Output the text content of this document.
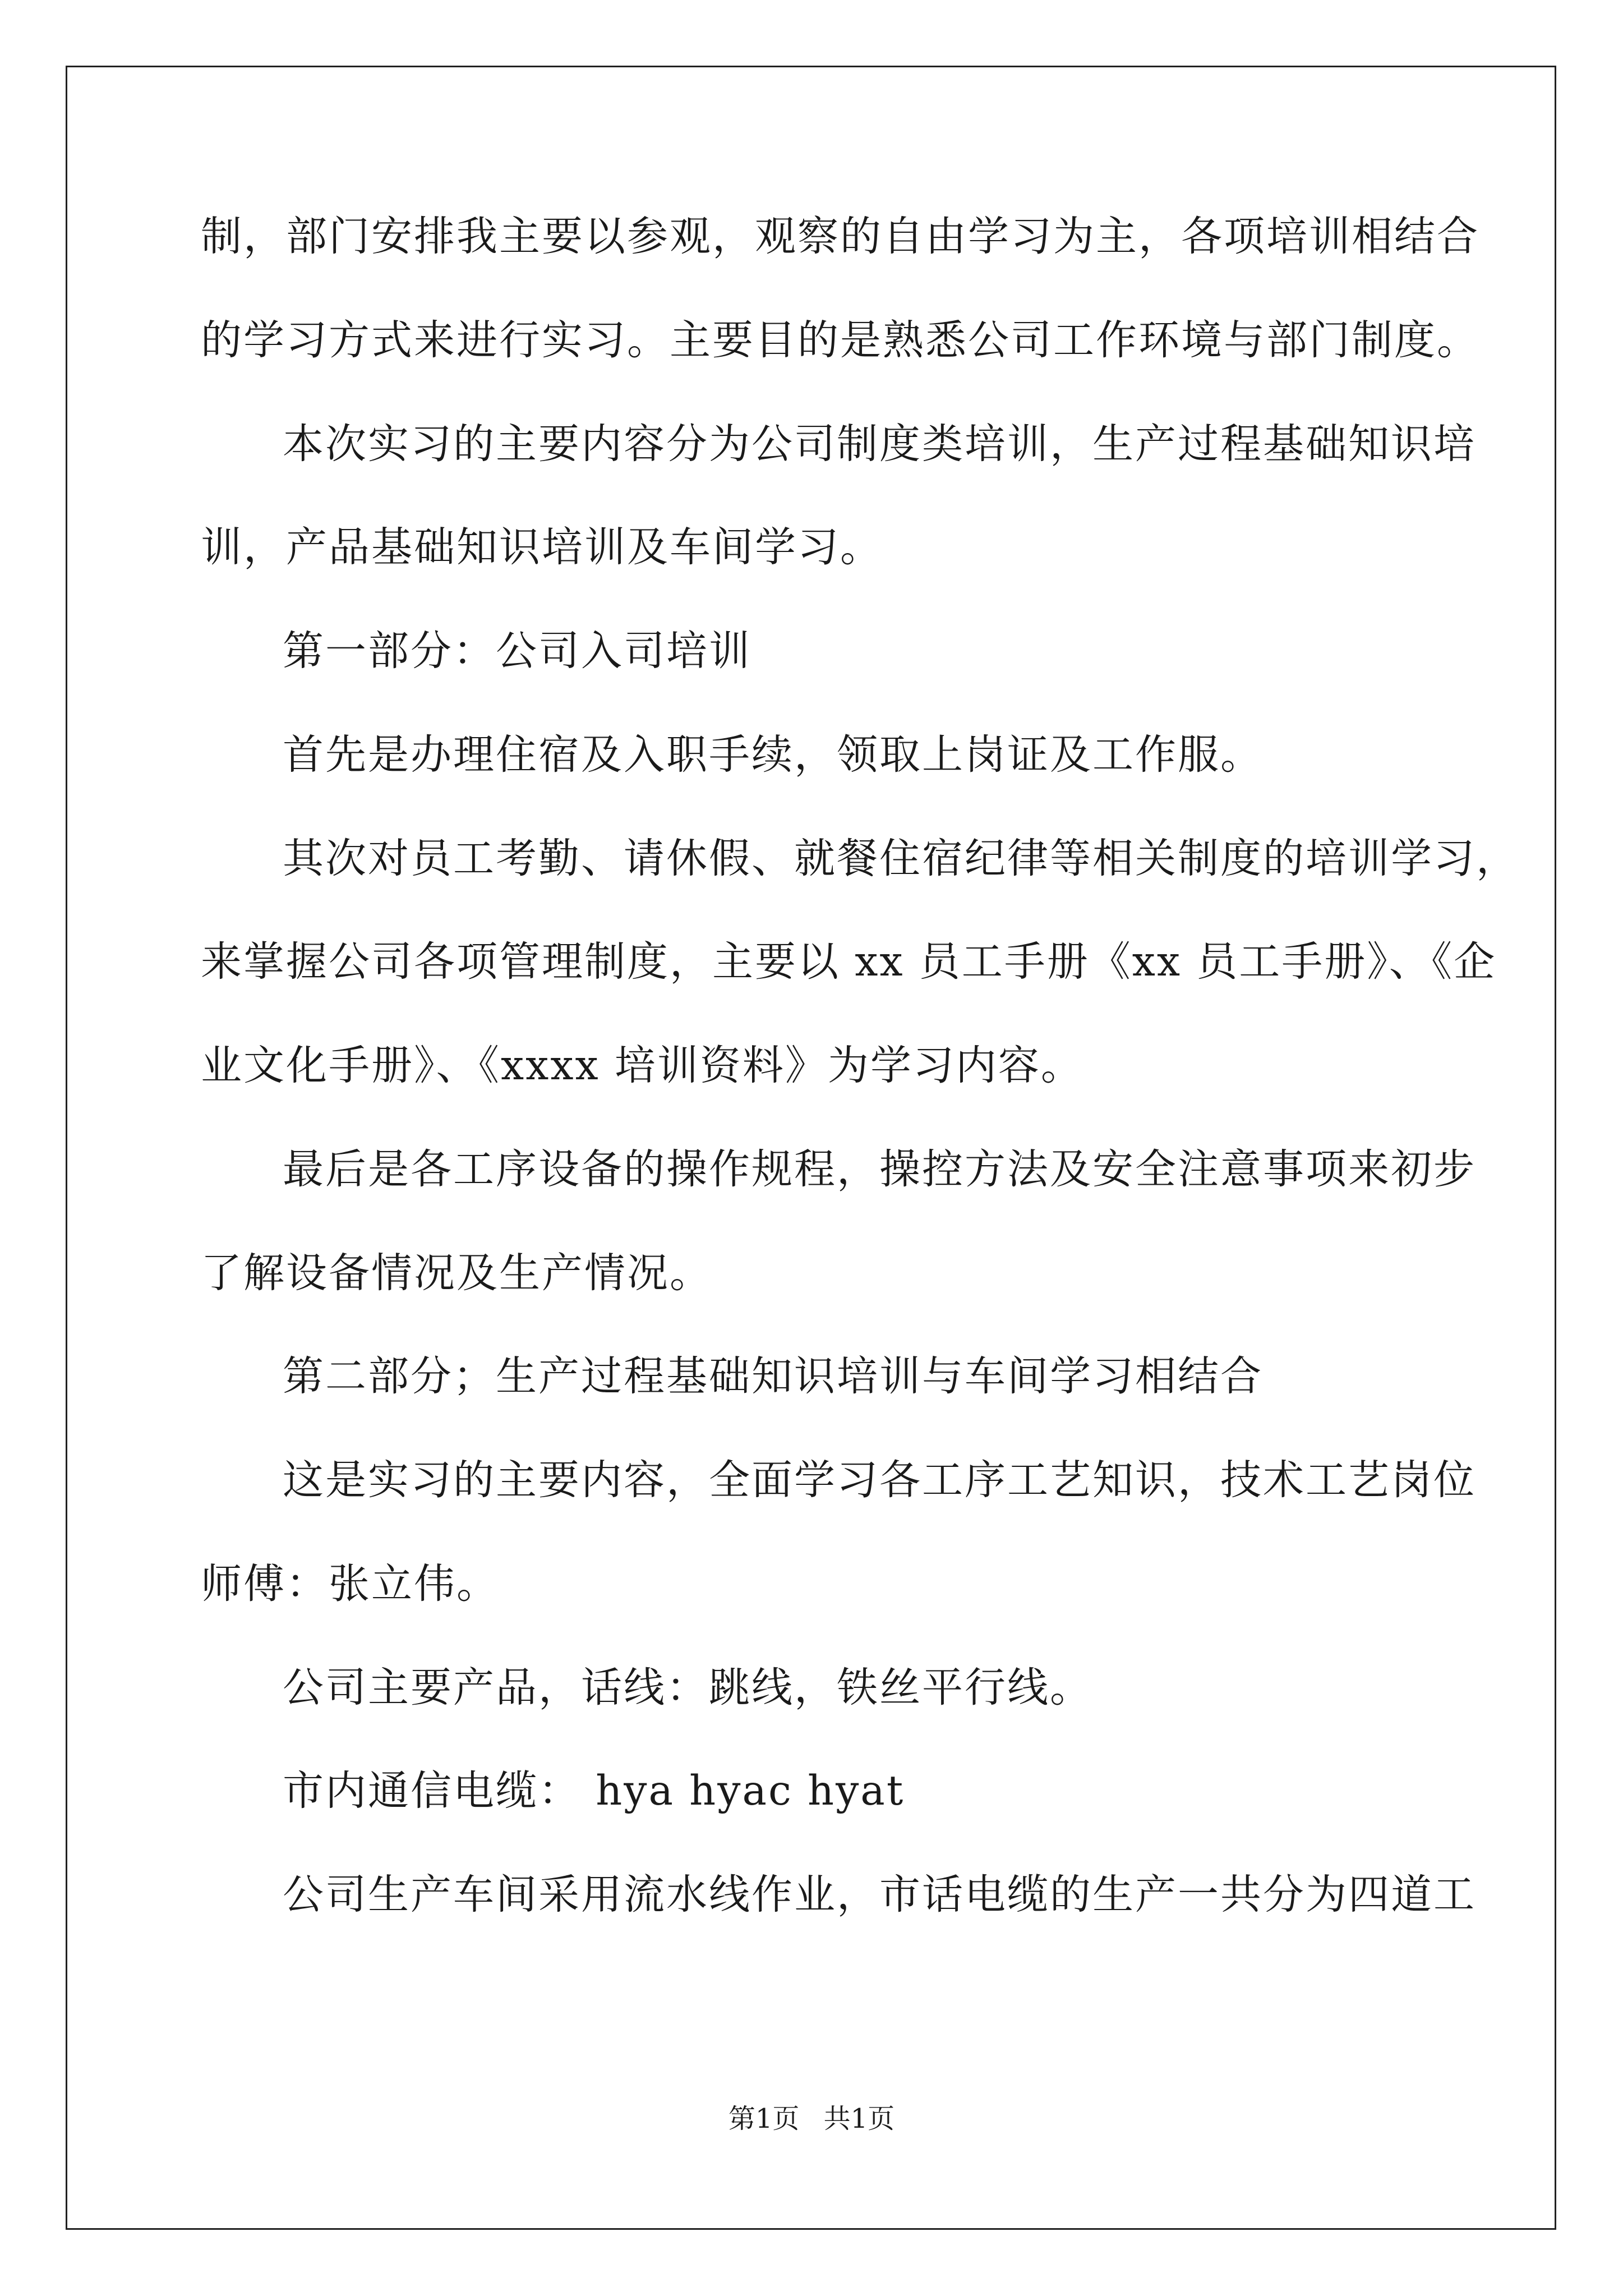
制，部门安排我主要以参观，观察的自由学习为主，各项培训相结合
的学习方式来进行实习。主要目的是熟悉公司工作环境与部门制度。
本次实习的主要内容分为公司制度类培训，生产过程基础知识培
训，产品基础知识培训及车间学习。
第一部分：公司入司培训
首先是办理住宿及入职手续，领取上岗证及工作服。
其次对员工考勤、请休假、就餐住宿纪律等相关制度的培训学习，
来掌握公司各项管理制度，主要以 xx 员工手册《xx 员工手册》、《企
业文化手册》、《xxxx 培训资料》为学习内容。
最后是各工序设备的操作规程，操控方法及安全注意事项来初步
了解设备情况及生产情况。
第二部分；生产过程基础知识培训与车间学习相结合
这是实习的主要内容，全面学习各工序工艺知识，技术工艺岗位
师傅：张立伟。
公司主要产品，话线：跳线，铁丝平行线。
市内通信电缆： hya hyac hyat
公司生产车间采用流水线作业，市话电缆的生产一共分为四道工
第1页 共1页
